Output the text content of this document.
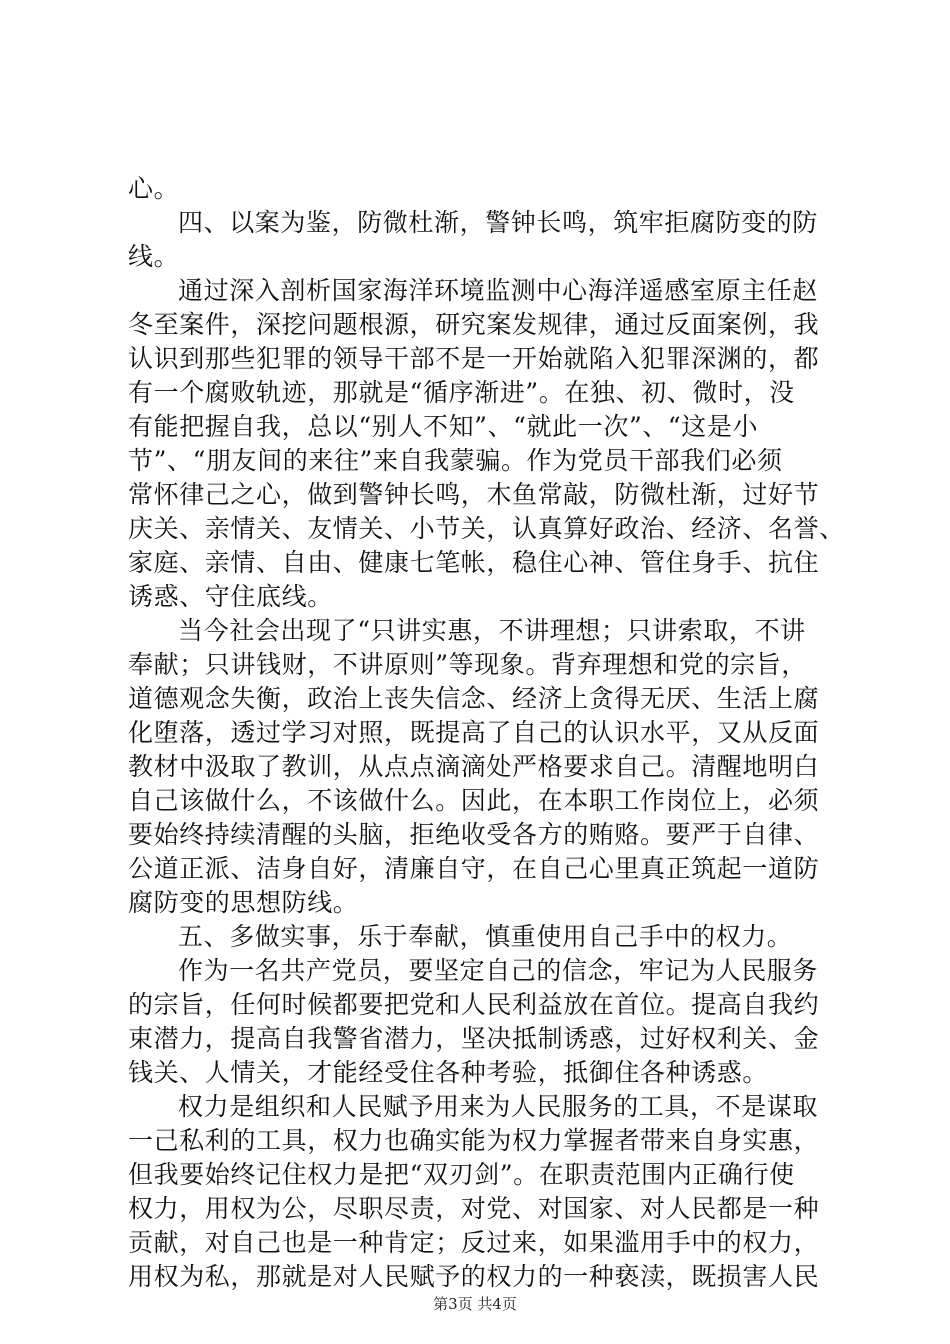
心。
四、以案为鉴，防微杜渐，警钟长鸣，筑牢拒腐防变的防
线。
通过深入剖析国家海洋环境监测中心海洋遥感室原主任赵
冬至案件，深挖问题根源，研究案发规律，通过反面案例，我
认识到那些犯罪的领导干部不是一开始就陷入犯罪深渊的，都
有一个腐败轨迹，那就是“循序渐进”。在独、初、微时，没
有能把握自我，总以“别人不知”、“就此一次”、“这是小
节”、“朋友间的来往”来自我蒙骗。作为党员干部我们必须
常怀律己之心，做到警钟长鸣，木鱼常敲，防微杜渐，过好节
庆关、亲情关、友情关、小节关，认真算好政治、经济、名誉、
家庭、亲情、自由、健康七笔帐，稳住心神、管住身手、抗住
诱惑、守住底线。
当今社会出现了“只讲实惠，不讲理想；只讲索取，不讲
奉献；只讲钱财，不讲原则”等现象。背弃理想和党的宗旨，
道德观念失衡，政治上丧失信念、经济上贪得无厌、生活上腐
化堕落，透过学习对照，既提高了自己的认识水平，又从反面
教材中汲取了教训，从点点滴滴处严格要求自己。清醒地明白
自己该做什么，不该做什么。因此，在本职工作岗位上，必须
要始终持续清醒的头脑，拒绝收受各方的贿赂。要严于自律、
公道正派、洁身自好，清廉自守，在自己心里真正筑起一道防
腐防变的思想防线。
五、多做实事，乐于奉献，慎重使用自己手中的权力。
作为一名共产党员，要坚定自己的信念，牢记为人民服务
的宗旨，任何时候都要把党和人民利益放在首位。提高自我约
束潜力，提高自我警省潜力，坚决抵制诱惑，过好权利关、金
钱关、人情关，才能经受住各种考验，抵御住各种诱惑。
权力是组织和人民赋予用来为人民服务的工具，不是谋取
一己私利的工具，权力也确实能为权力掌握者带来自身实惠，
但我要始终记住权力是把“双刃剑”。在职责范围内正确行使
权力，用权为公，尽职尽责，对党、对国家、对人民都是一种
贡献，对自己也是一种肯定；反过来，如果滥用手中的权力，
用权为私，那就是对人民赋予的权力的一种亵渎，既损害人民
第3页 共4页
